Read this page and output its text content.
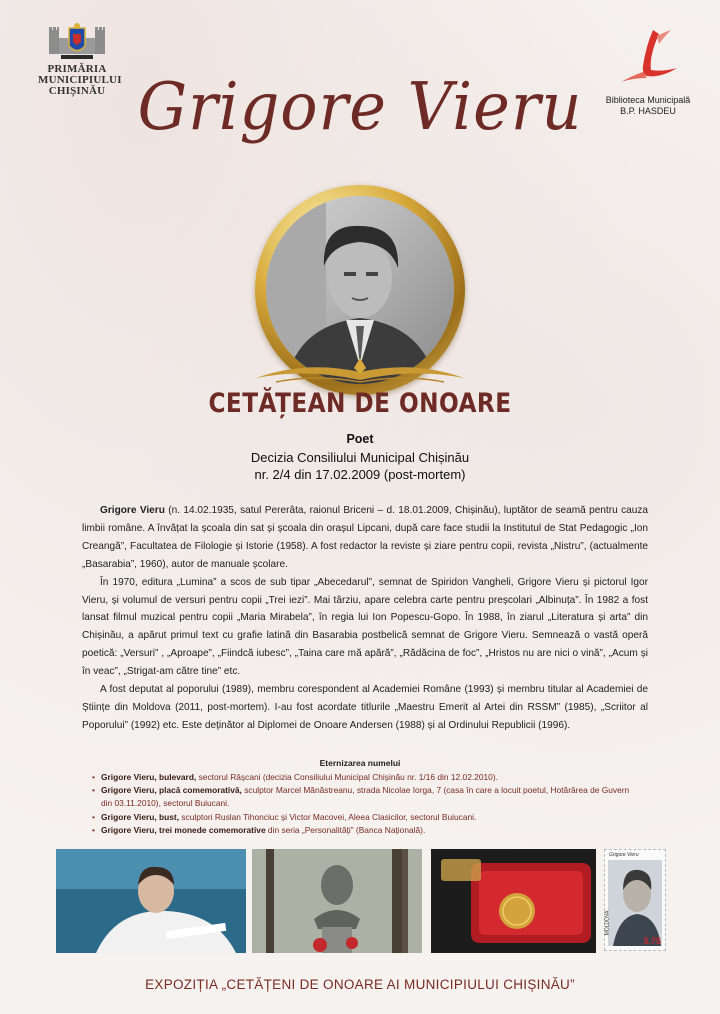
PRIMĂRIA
MUNICIPIULUI
CHIȘINĂU
Biblioteca Municipală
B.P. HASDEU
Grigore Vieru
CETĂȚEAN DE ONOARE
Poet
Decizia Consiliului Municipal Chișinău
nr. 2/4 din 17.02.2009 (post-mortem)

Grigore Vieru (n. 14.02.1935, satul Pererâta, raionul Briceni – d. 18.01.2009, Chișinău), luptător de seamă pentru cauza limbii române. A învățat la școala din sat și școala din orașul Lipcani, după care face studii la Institutul de Stat Pedagogic „Ion Creangă”, Facultatea de Filologie și Istorie (1958). A fost redactor la reviste și ziare pentru copii, revista „Nistru”, (actualmente „Basarabia”, 1960), autor de manuale școlare.

În 1970, editura „Lumina” a scos de sub tipar „Abecedarul”, semnat de Spiridon Vangheli, Grigore Vieru și pictorul Igor Vieru, și volumul de versuri pentru copii „Trei iezi”. Mai târziu, apare celebra carte pentru preșcolari „Albinuța”. În 1982 a fost lansat filmul muzical pentru copii „Maria Mirabela”, în regia lui Ion Popescu-Gopo. În 1988, în ziarul „Literatura și arta” din Chișinău, a apărut primul text cu grafie latină din Basarabia postbelică semnat de Grigore Vieru. Semnează o vastă operă poetică: „Versuri” , „Aproape”, „Fiindcă iubesc”, „Taina care mă apără”, „Rădăcina de foc”, „Hristos nu are nici o vină”, „Acum și în veac”, „Strigat-am către tine” etc.

A fost deputat al poporului (1989), membru corespondent al Academiei Române (1993) și membru titular al Academiei de Științe din Moldova (2011, post-mortem). I-au fost acordate titlurile „Maestru Emerit al Artei din RSSM” (1985), „Scriitor al Poporului” (1992) etc. Este deținător al Diplomei de Onoare Andersen (1988) și al Ordinului Republicii (1996).

Eternizarea numelui
• Grigore Vieru, bulevard, sectorul Râșcani (decizia Consiliului Municipal Chișinău nr. 1/16 din 12.02.2010).
• Grigore Vieru, placă comemorativă, sculptor Marcel Mănăstreanu, strada Nicolae Iorga, 7 (casa în care a locuit poetul, Hotărârea de Guvern din 03.11.2010), sectorul Buiucani.
• Grigore Vieru, bust, sculptori Ruslan Tihonciuc și Victor Macovei, Aleea Clasicilor, sectorul Buiucani.
• Grigore Vieru, trei monede comemorative din seria „Personalități” (Banca Națională).
Grigore Vieru
MOLDOVA
5.75
EXPOZIȚIA „CETĂȚENI DE ONOARE AI MUNICIPIULUI CHIȘINĂU”
